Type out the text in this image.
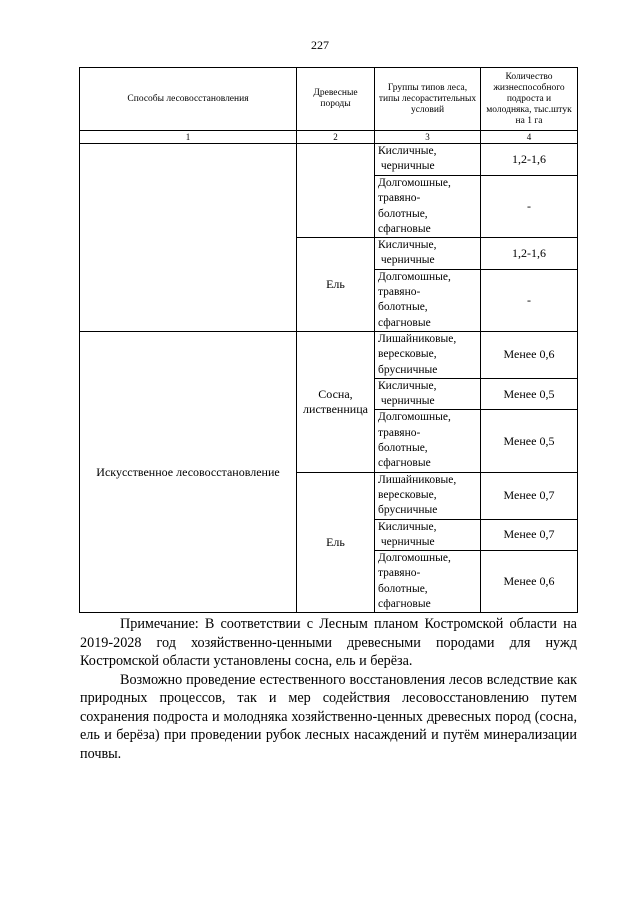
227
Способы лесовосстановления	Древесные породы	Группы типов леса, типы лесорастительных условий	Количество жизнеспособного подроста и молодняка, тыс.штук на 1 га
1	2	3	4
		Кисличные,
черничные	1,2-1,6
		Долгомошные,
травяно-
болотные,
сфагновые	-
	Ель	Кисличные,
черничные	1,2-1,6
		Долгомошные,
травяно-
болотные,
сфагновые	-
Искусственное лесовосстановление	Сосна,
лиственница	Лишайниковые,
вересковые,
брусничные	Менее 0,6
		Кисличные,
черничные	Менее 0,5
		Долгомошные,
травяно-
болотные,
сфагновые	Менее 0,5
	Ель	Лишайниковые,
вересковые,
брусничные	Менее 0,7
		Кисличные,
черничные	Менее 0,7
		Долгомошные,
травяно-
болотные,
сфагновые	Менее 0,6

Примечание: В соответствии с Лесным планом Костромской области на 2019-2028 год хозяйственно-ценными древесными породами для нужд Костромской области установлены сосна, ель и берёза.

Возможно проведение естественного восстановления лесов вследствие как природных процессов, так и мер содействия лесовосстановлению путем сохранения подроста и молодняка хозяйственно-ценных древесных пород (сосна, ель и берёза) при проведении рубок лесных насаждений и путём минерализации почвы.
